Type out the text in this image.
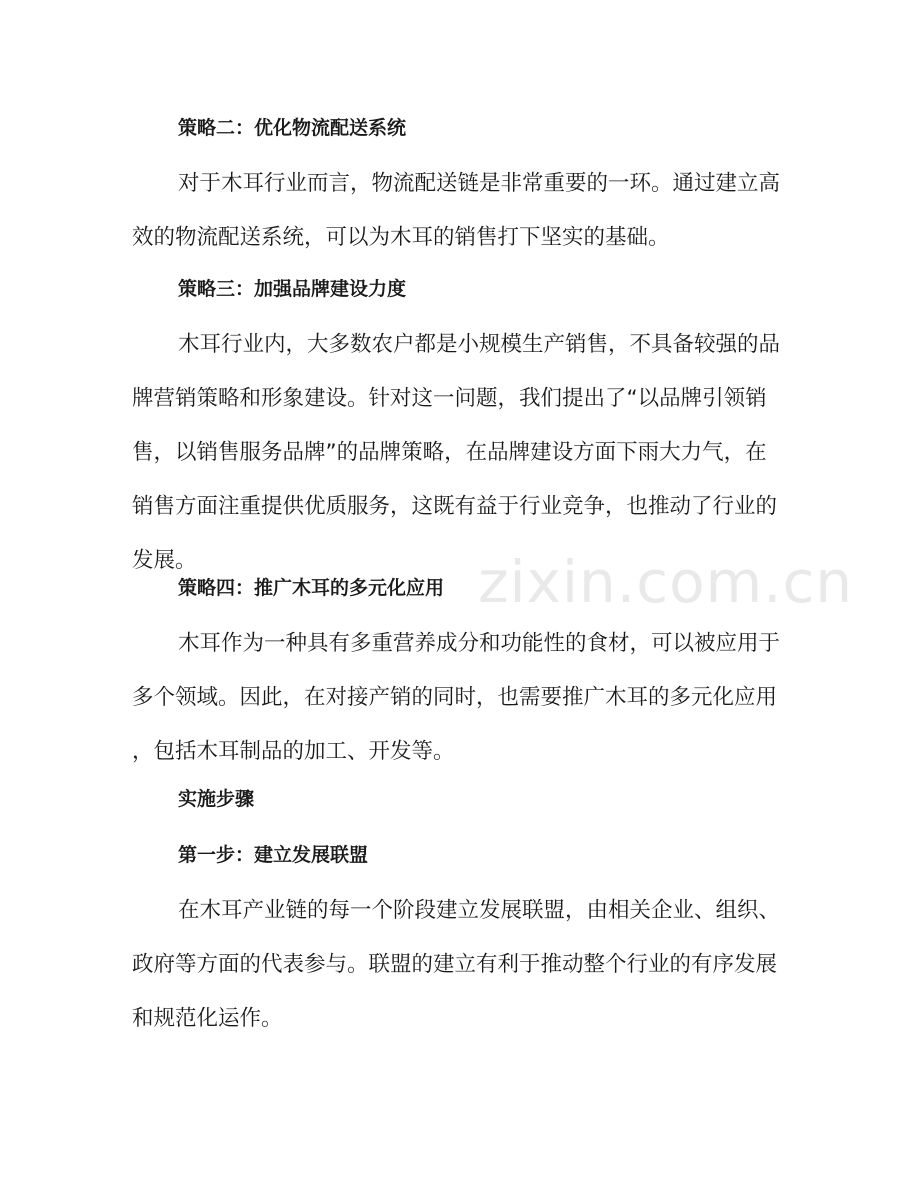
zixin.com.cn
策略二：优化物流配送系统
对于木耳行业而言，物流配送链是非常重要的一环。通过建立高
效的物流配送系统，可以为木耳的销售打下坚实的基础。
策略三：加强品牌建设力度
木耳行业内，大多数农户都是小规模生产销售，不具备较强的品
牌营销策略和形象建设。针对这一问题，我们提出了“以品牌引领销
售，以销售服务品牌”的品牌策略，在品牌建设方面下雨大力气，在
销售方面注重提供优质服务，这既有益于行业竞争，也推动了行业的
发展。
策略四：推广木耳的多元化应用
木耳作为一种具有多重营养成分和功能性的食材，可以被应用于
多个领域。因此，在对接产销的同时，也需要推广木耳的多元化应用
，包括木耳制品的加工、开发等。
实施步骤
第一步：建立发展联盟
在木耳产业链的每一个阶段建立发展联盟，由相关企业、组织、
政府等方面的代表参与。联盟的建立有利于推动整个行业的有序发展
和规范化运作。
